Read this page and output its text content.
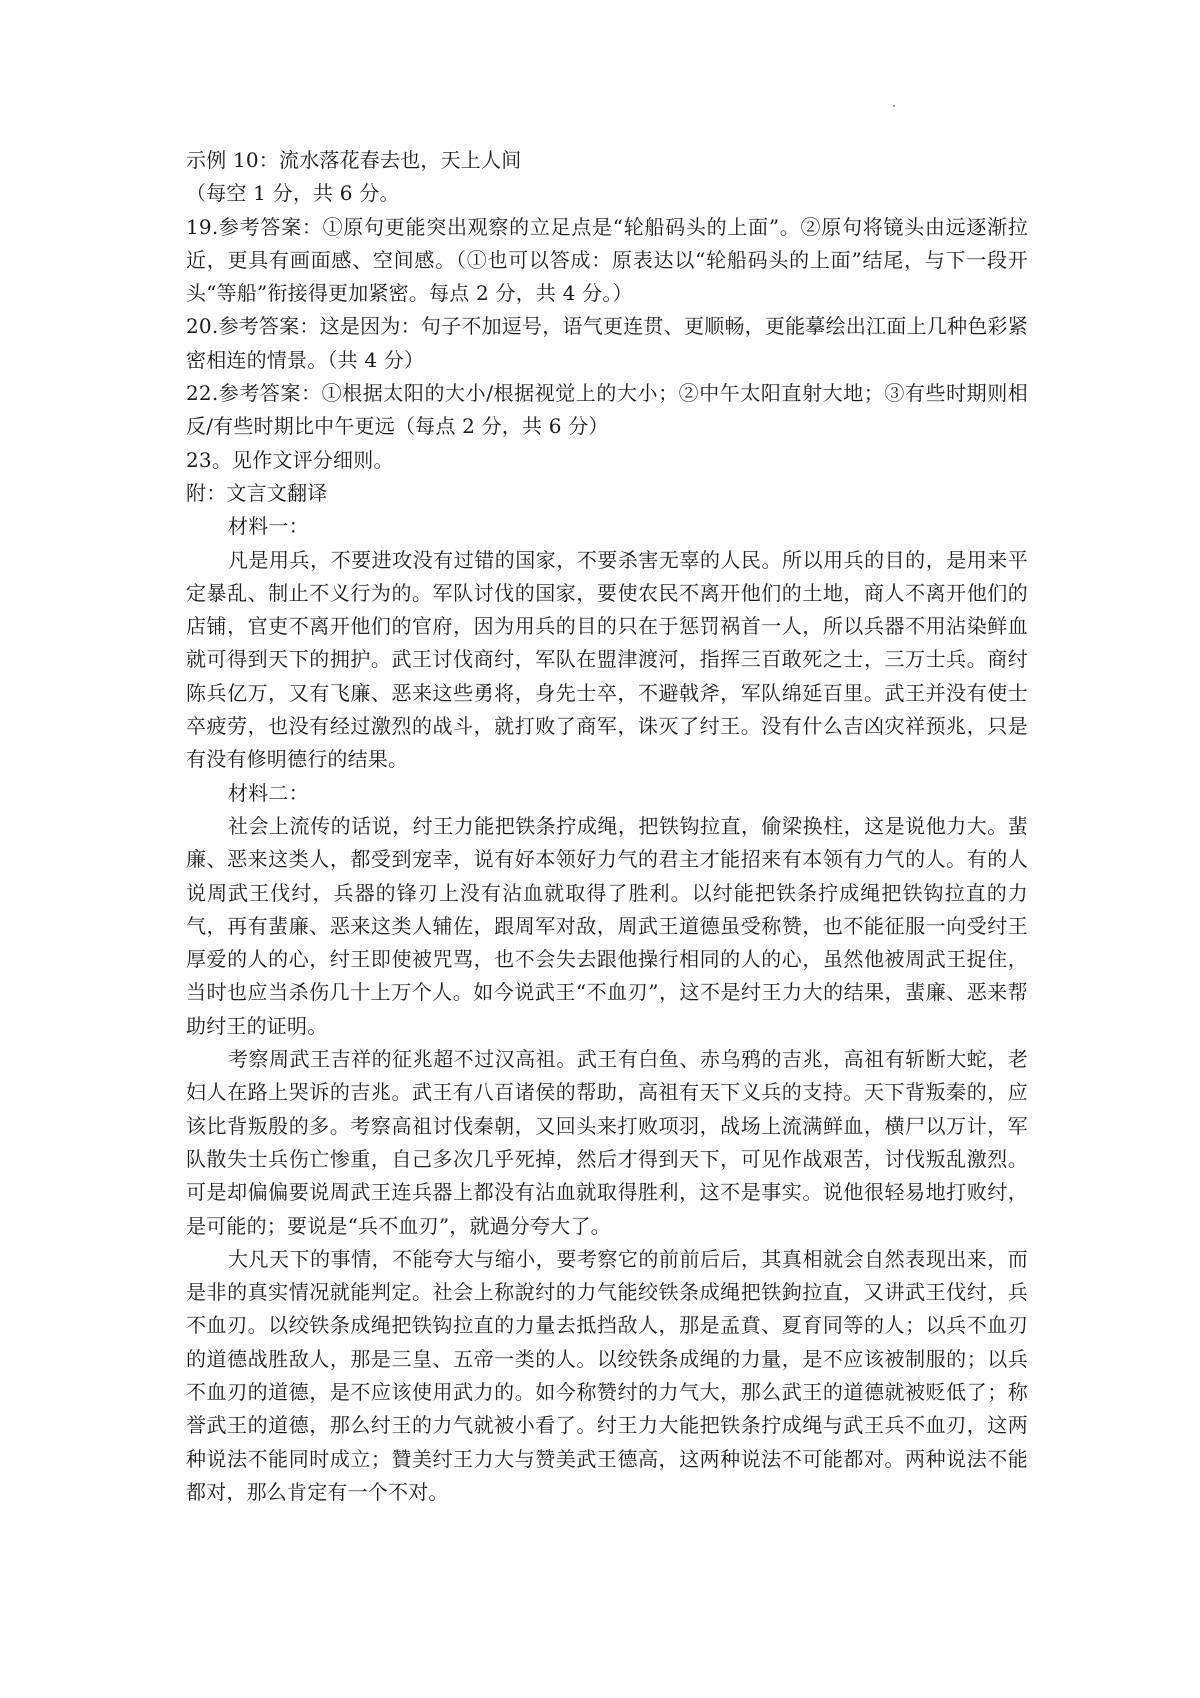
示例 10：流水落花春去也，天上人间

（每空 1 分，共 6 分。

19.参考答案：①原句更能突出观察的立足点是“轮船码头的上面”。②原句将镜头由远逐渐拉近，更具有画面感、空间感。（①也可以答成：原表达以“轮船码头的上面”结尾，与下一段开头“等船”衔接得更加紧密。每点 2 分，共 4 分。）

20.参考答案：这是因为：句子不加逗号，语气更连贯、更顺畅，更能摹绘出江面上几种色彩紧密相连的情景。（共 4 分）

22.参考答案：①根据太阳的大小/根据视觉上的大小；②中午太阳直射大地；③有些时期则相反/有些时期比中午更远（每点 2 分，共 6 分）

23。见作文评分细则。

附：文言文翻译

材料一：

凡是用兵，不要进攻没有过错的国家，不要杀害无辜的人民。所以用兵的目的，是用来平定暴乱、制止不义行为的。军队讨伐的国家，要使农民不离开他们的土地，商人不离开他们的店铺，官吏不离开他们的官府，因为用兵的目的只在于惩罚祸首一人，所以兵器不用沾染鲜血就可得到天下的拥护。武王讨伐商纣，军队在盟津渡河，指挥三百敢死之士，三万士兵。商纣陈兵亿万，又有飞廉、恶来这些勇将，身先士卒，不避戟斧，军队绵延百里。武王并没有使士卒疲劳，也没有经过激烈的战斗，就打败了商军，诛灭了纣王。没有什么吉凶灾祥预兆，只是有没有修明德行的结果。

材料二：

社会上流传的话说，纣王力能把铁条拧成绳，把铁钩拉直，偷梁换柱，这是说他力大。蜚廉、恶来这类人，都受到宠幸，说有好本领好力气的君主才能招来有本领有力气的人。有的人说周武王伐纣，兵器的锋刃上没有沾血就取得了胜利。以纣能把铁条拧成绳把铁钩拉直的力气，再有蜚廉、恶来这类人辅佐，跟周军对敌，周武王道德虽受称赞，也不能征服一向受纣王厚爱的人的心，纣王即使被咒骂，也不会失去跟他操行相同的人的心，虽然他被周武王捉住，当时也应当杀伤几十上万个人。如今说武王“不血刃”，这不是纣王力大的结果，蜚廉、恶来帮助纣王的证明。

考察周武王吉祥的征兆超不过汉高祖。武王有白鱼、赤乌鸦的吉兆，高祖有斩断大蛇，老妇人在路上哭诉的吉兆。武王有八百诸侯的帮助，高祖有天下义兵的支持。天下背叛秦的，应该比背叛殷的多。考察高祖讨伐秦朝，又回头来打败项羽，战场上流满鲜血，横尸以万计，军队散失士兵伤亡惨重，自己多次几乎死掉，然后才得到天下，可见作战艰苦，讨伐叛乱激烈。可是却偏偏要说周武王连兵器上都没有沾血就取得胜利，这不是事实。说他很轻易地打败纣，是可能的；要说是“兵不血刃”，就過分夸大了。

大凡天下的事情，不能夸大与缩小，要考察它的前前后后，其真相就会自然表现出来，而是非的真实情况就能判定。社会上称說纣的力气能绞铁条成绳把铁鉤拉直，又讲武王伐纣，兵不血刃。以绞铁条成绳把铁钩拉直的力量去抵挡敌人，那是孟賁、夏育同等的人；以兵不血刃的道德战胜敌人，那是三皇、五帝一类的人。以绞铁条成绳的力量，是不应该被制服的；以兵不血刃的道德，是不应该使用武力的。如今称赞纣的力气大，那么武王的道德就被贬低了；称誉武王的道德，那么纣王的力气就被小看了。纣王力大能把铁条拧成绳与武王兵不血刃，这两种说法不能同时成立；贊美纣王力大与赞美武王德高，这两种说法不可能都对。两种说法不能都对，那么肯定有一个不对。
